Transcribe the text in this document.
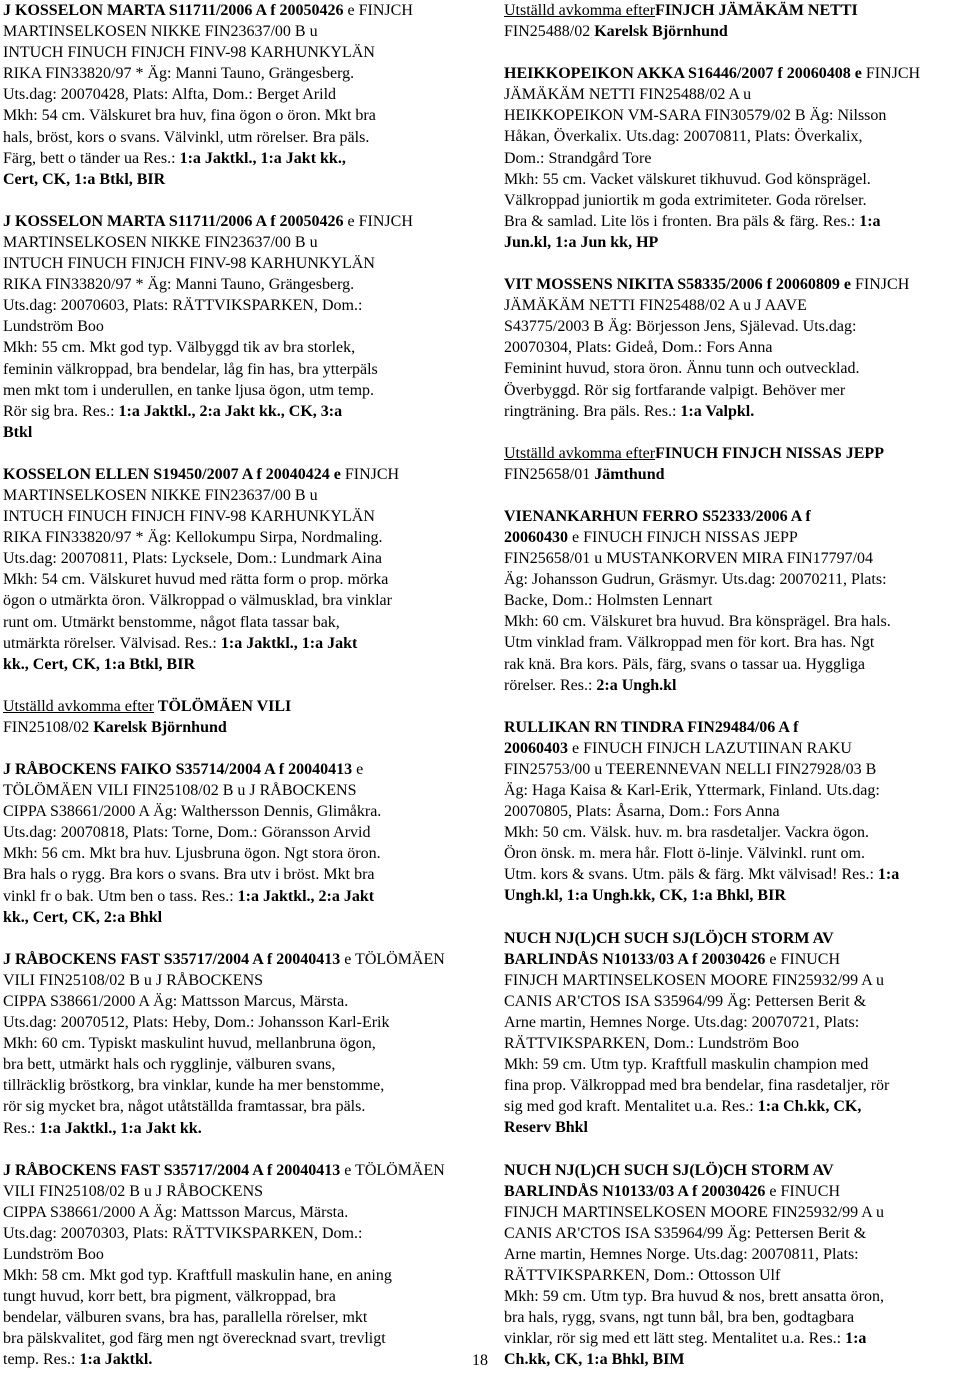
J KOSSELON MARTA S11711/2006 A f 20050426 e FINJCH MARTINSELKOSEN NIKKE FIN23637/00 B u
INTUCH FINUCH FINJCH FINV-98 KARHUNKYLÄN
RIKA FIN33820/97 * Äg: Manni Tauno, Grängesberg.
Uts.dag: 20070428, Plats: Alfta, Dom.: Berget Arild
Mkh: 54 cm. Välskuret bra huv, fina ögon o öron. Mkt bra
hals, bröst, kors o svans. Välvinkl, utm rörelser. Bra päls.
Färg, bett o tänder ua Res.: 1:a Jaktkl., 1:a Jakt kk.,
Cert, CK, 1:a Btkl, BIR

J KOSSELON MARTA S11711/2006 A f 20050426 e FINJCH MARTINSELKOSEN NIKKE FIN23637/00 B u
INTUCH FINUCH FINJCH FINV-98 KARHUNKYLÄN
RIKA FIN33820/97 * Äg: Manni Tauno, Grängesberg.
Uts.dag: 20070603, Plats: RÄTTVIKSPARKEN, Dom.:
Lundström Boo
Mkh: 55 cm. Mkt god typ. Välbyggd tik av bra storlek,
feminin välkroppad, bra bendelar, låg fin has, bra ytterpäls
men mkt tom i underullen, en tanke ljusa ögon, utm temp.
Rör sig bra. Res.: 1:a Jaktkl., 2:a Jakt kk., CK, 3:a
Btkl

KOSSELON ELLEN S19450/2007 A f 20040424 e FINJCH MARTINSELKOSEN NIKKE FIN23637/00 B u
INTUCH FINUCH FINJCH FINV-98 KARHUNKYLÄN
RIKA FIN33820/97 * Äg: Kellokumpu Sirpa, Nordmaling.
Uts.dag: 20070811, Plats: Lycksele, Dom.: Lundmark Aina
Mkh: 54 cm. Välskuret huvud med rätta form o prop. mörka
ögon o utmärkta öron. Välkroppad o välmusklad, bra vinklar
runt om. Utmärkt benstomme, något flata tassar bak,
utmärkta rörelser. Välvisad. Res.: 1:a Jaktkl., 1:a Jakt
kk., Cert, CK, 1:a Btkl, BIR

Utställd avkomma efter TÖLÖMÄEN VILI
FIN25108/02 Karelsk Björnhund

J RÅBOCKENS FAIKO S35714/2004 A f 20040413 e TÖLÖMÄEN VILI FIN25108/02 B u J RÅBOCKENS
CIPPA S38661/2000 A Äg: Walthersson Dennis, Glimåkra.
Uts.dag: 20070818, Plats: Torne, Dom.: Göransson Arvid
Mkh: 56 cm. Mkt bra huv. Ljusbruna ögon. Ngt stora öron.
Bra hals o rygg. Bra kors o svans. Bra utv i bröst. Mkt bra
vinkl fr o bak. Utm ben o tass. Res.: 1:a Jaktkl., 2:a Jakt
kk., Cert, CK, 2:a Bhkl

J RÅBOCKENS FAST S35717/2004 A f 20040413 e TÖLÖMÄEN VILI FIN25108/02 B u J RÅBOCKENS
CIPPA S38661/2000 A Äg: Mattsson Marcus, Märsta.
Uts.dag: 20070512, Plats: Heby, Dom.: Johansson Karl-Erik
Mkh: 60 cm. Typiskt maskulint huvud, mellanbruna ögon,
bra bett, utmärkt hals och rygglinje, välburen svans,
tillräcklig bröstkorg, bra vinklar, kunde ha mer benstomme,
rör sig mycket bra, något utåtställda framtassar, bra päls.
Res.: 1:a Jaktkl., 1:a Jakt kk.

J RÅBOCKENS FAST S35717/2004 A f 20040413 e TÖLÖMÄEN VILI FIN25108/02 B u J RÅBOCKENS
CIPPA S38661/2000 A Äg: Mattsson Marcus, Märsta.
Uts.dag: 20070303, Plats: RÄTTVIKSPARKEN, Dom.:
Lundström Boo
Mkh: 58 cm. Mkt god typ. Kraftfull maskulin hane, en aning
tungt huvud, korr bett, bra pigment, välkroppad, bra
bendelar, välburen svans, bra has, parallella rörelser, mkt
bra pälskvalitet, god färg men ngt överecknad svart, trevligt
temp. Res.: 1:a Jaktkl.

Utställd avkomma efterFINJCH JÄMÄKÄM NETTI
FIN25488/02 Karelsk Björnhund

HEIKKOPEIKON AKKA S16446/2007 f 20060408 e FINJCH JÄMÄKÄM NETTI FIN25488/02 A u
HEIKKOPEIKON VM-SARA FIN30579/02 B Äg: Nilsson
Håkan, Överkalix. Uts.dag: 20070811, Plats: Överkalix,
Dom.: Strandgård Tore
Mkh: 55 cm. Vacket välskuret tikhuvud. God könsprägel.
Välkroppad juniortik m goda extrimiteter. Goda rörelser.
Bra & samlad. Lite lös i fronten. Bra päls & färg. Res.: 1:a
Jun.kl, 1:a Jun kk, HP

VIT MOSSENS NIKITA S58335/2006 f 20060809 e FINJCH JÄMÄKÄM NETTI FIN25488/02 A u J AAVE
S43775/2003 B Äg: Börjesson Jens, Själevad. Uts.dag:
20070304, Plats: Gideå, Dom.: Fors Anna
Feminint huvud, stora öron. Ännu tunn och outvecklad.
Överbyggd. Rör sig fortfarande valpigt. Behöver mer
ringträning. Bra päls. Res.: 1:a Valpkl.

Utställd avkomma efterFINUCH FINJCH NISSAS JEPP
FIN25658/01 Jämthund

VIENANKARHUN FERRO S52333/2006 A f
20060430 e FINUCH FINJCH NISSAS JEPP
FIN25658/01 u MUSTANKORVEN MIRA FIN17797/04
Äg: Johansson Gudrun, Gräsmyr. Uts.dag: 20070211, Plats:
Backe, Dom.: Holmsten Lennart
Mkh: 60 cm. Välskuret bra huvud. Bra könsprägel. Bra hals.
Utm vinklad fram. Välkroppad men för kort. Bra has. Ngt
rak knä. Bra kors. Päls, färg, svans o tassar ua. Hyggliga
rörelser. Res.: 2:a Ungh.kl

RULLIKAN RN TINDRA FIN29484/06 A f
20060403 e FINUCH FINJCH LAZUTIINAN RAKU
FIN25753/00 u TEERENNEVAN NELLI FIN27928/03 B
Äg: Haga Kaisa & Karl-Erik, Yttermark, Finland. Uts.dag:
20070805, Plats: Åsarna, Dom.: Fors Anna
Mkh: 50 cm. Välsk. huv. m. bra rasdetaljer. Vackra ögon.
Öron önsk. m. mera hår. Flott ö-linje. Välvinkl. runt om.
Utm. kors & svans. Utm. päls & färg. Mkt välvisad! Res.: 1:a Ungh.kl, 1:a Ungh.kk, CK, 1:a Bhkl, BIR

NUCH NJ(L)CH SUCH SJ(LÖ)CH STORM AV
BARLINDÅS N10133/03 A f 20030426 e FINUCH
FINJCH MARTINSELKOSEN MOORE FIN25932/99 A u
CANIS AR'CTOS ISA S35964/99 Äg: Pettersen Berit &
Arne martin, Hemnes Norge. Uts.dag: 20070721, Plats:
RÄTTVIKSPARKEN, Dom.: Lundström Boo
Mkh: 59 cm. Utm typ. Kraftfull maskulin champion med
fina prop. Välkroppad med bra bendelar, fina rasdetaljer, rör
sig med god kraft. Mentalitet u.a. Res.: 1:a Ch.kk, CK,
Reserv Bhkl

NUCH NJ(L)CH SUCH SJ(LÖ)CH STORM AV
BARLINDÅS N10133/03 A f 20030426 e FINUCH
FINJCH MARTINSELKOSEN MOORE FIN25932/99 A u
CANIS AR'CTOS ISA S35964/99 Äg: Pettersen Berit &
Arne martin, Hemnes Norge. Uts.dag: 20070811, Plats:
RÄTTVIKSPARKEN, Dom.: Ottosson Ulf
Mkh: 59 cm. Utm typ. Bra huvud & nos, brett ansatta öron,
bra hals, rygg, svans, ngt tunn bål, bra ben, godtagbara
vinklar, rör sig med ett lätt steg. Mentalitet u.a. Res.: 1:a
Ch.kk, CK, 1:a Bhkl, BIM

18
